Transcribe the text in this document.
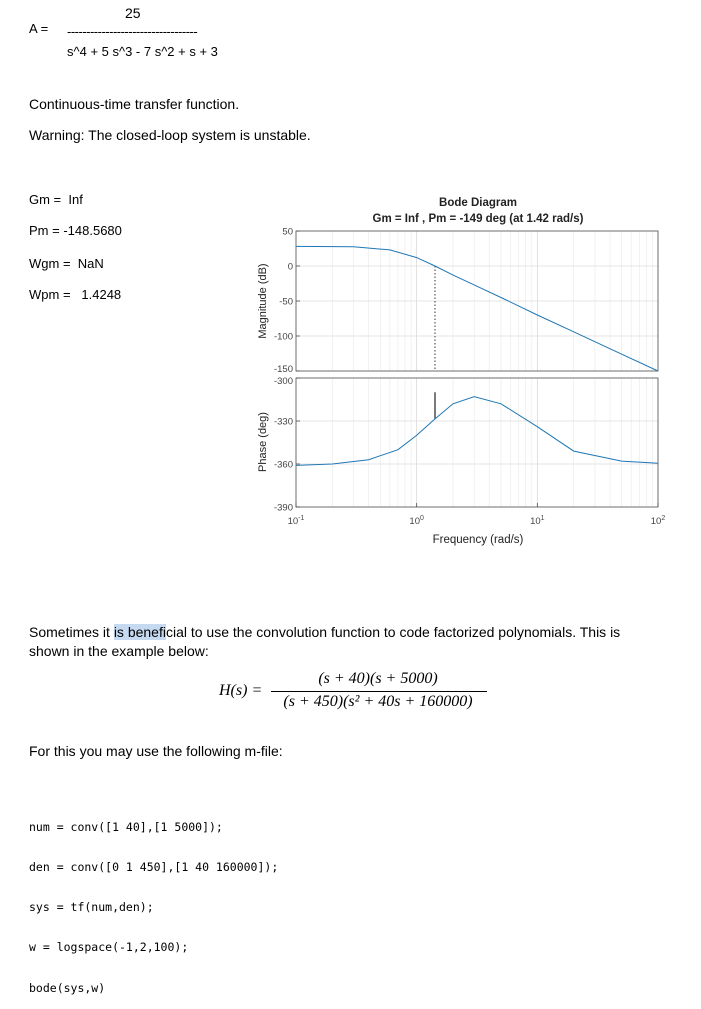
A =
25
----------------------------------
s^4 + 5 s^3 - 7 s^2 + s + 3
Continuous-time transfer function.
Warning: The closed-loop system is unstable.
Gm = Inf
Pm = -148.5680
Wgm = NaN
Wpm = 1.4248
Bode Diagram
Gm = Inf , Pm = -149 deg (at 1.42 rad/s)
50
0
-50
-100
-150
Magnitude (dB)
-300
-330
-360
-390
Phase (deg)
$10^{-1}$	$10^0$	$10^1$	$10^2$
Frequency (rad/s)
Sometimes it is beneficial to use the convolution function to code factorized polynomials. This is
shown in the example below:
H(s) =
(s + 40)(s + 5000)
(s + 450)(s² + 40s + 160000)
For this you may use the following m-file:

num = conv([1 40],[1 5000]);

den = conv([0 1 450],[1 40 160000]);

sys = tf(num,den);

w = logspace(-1,2,100);

bode(sys,w)
